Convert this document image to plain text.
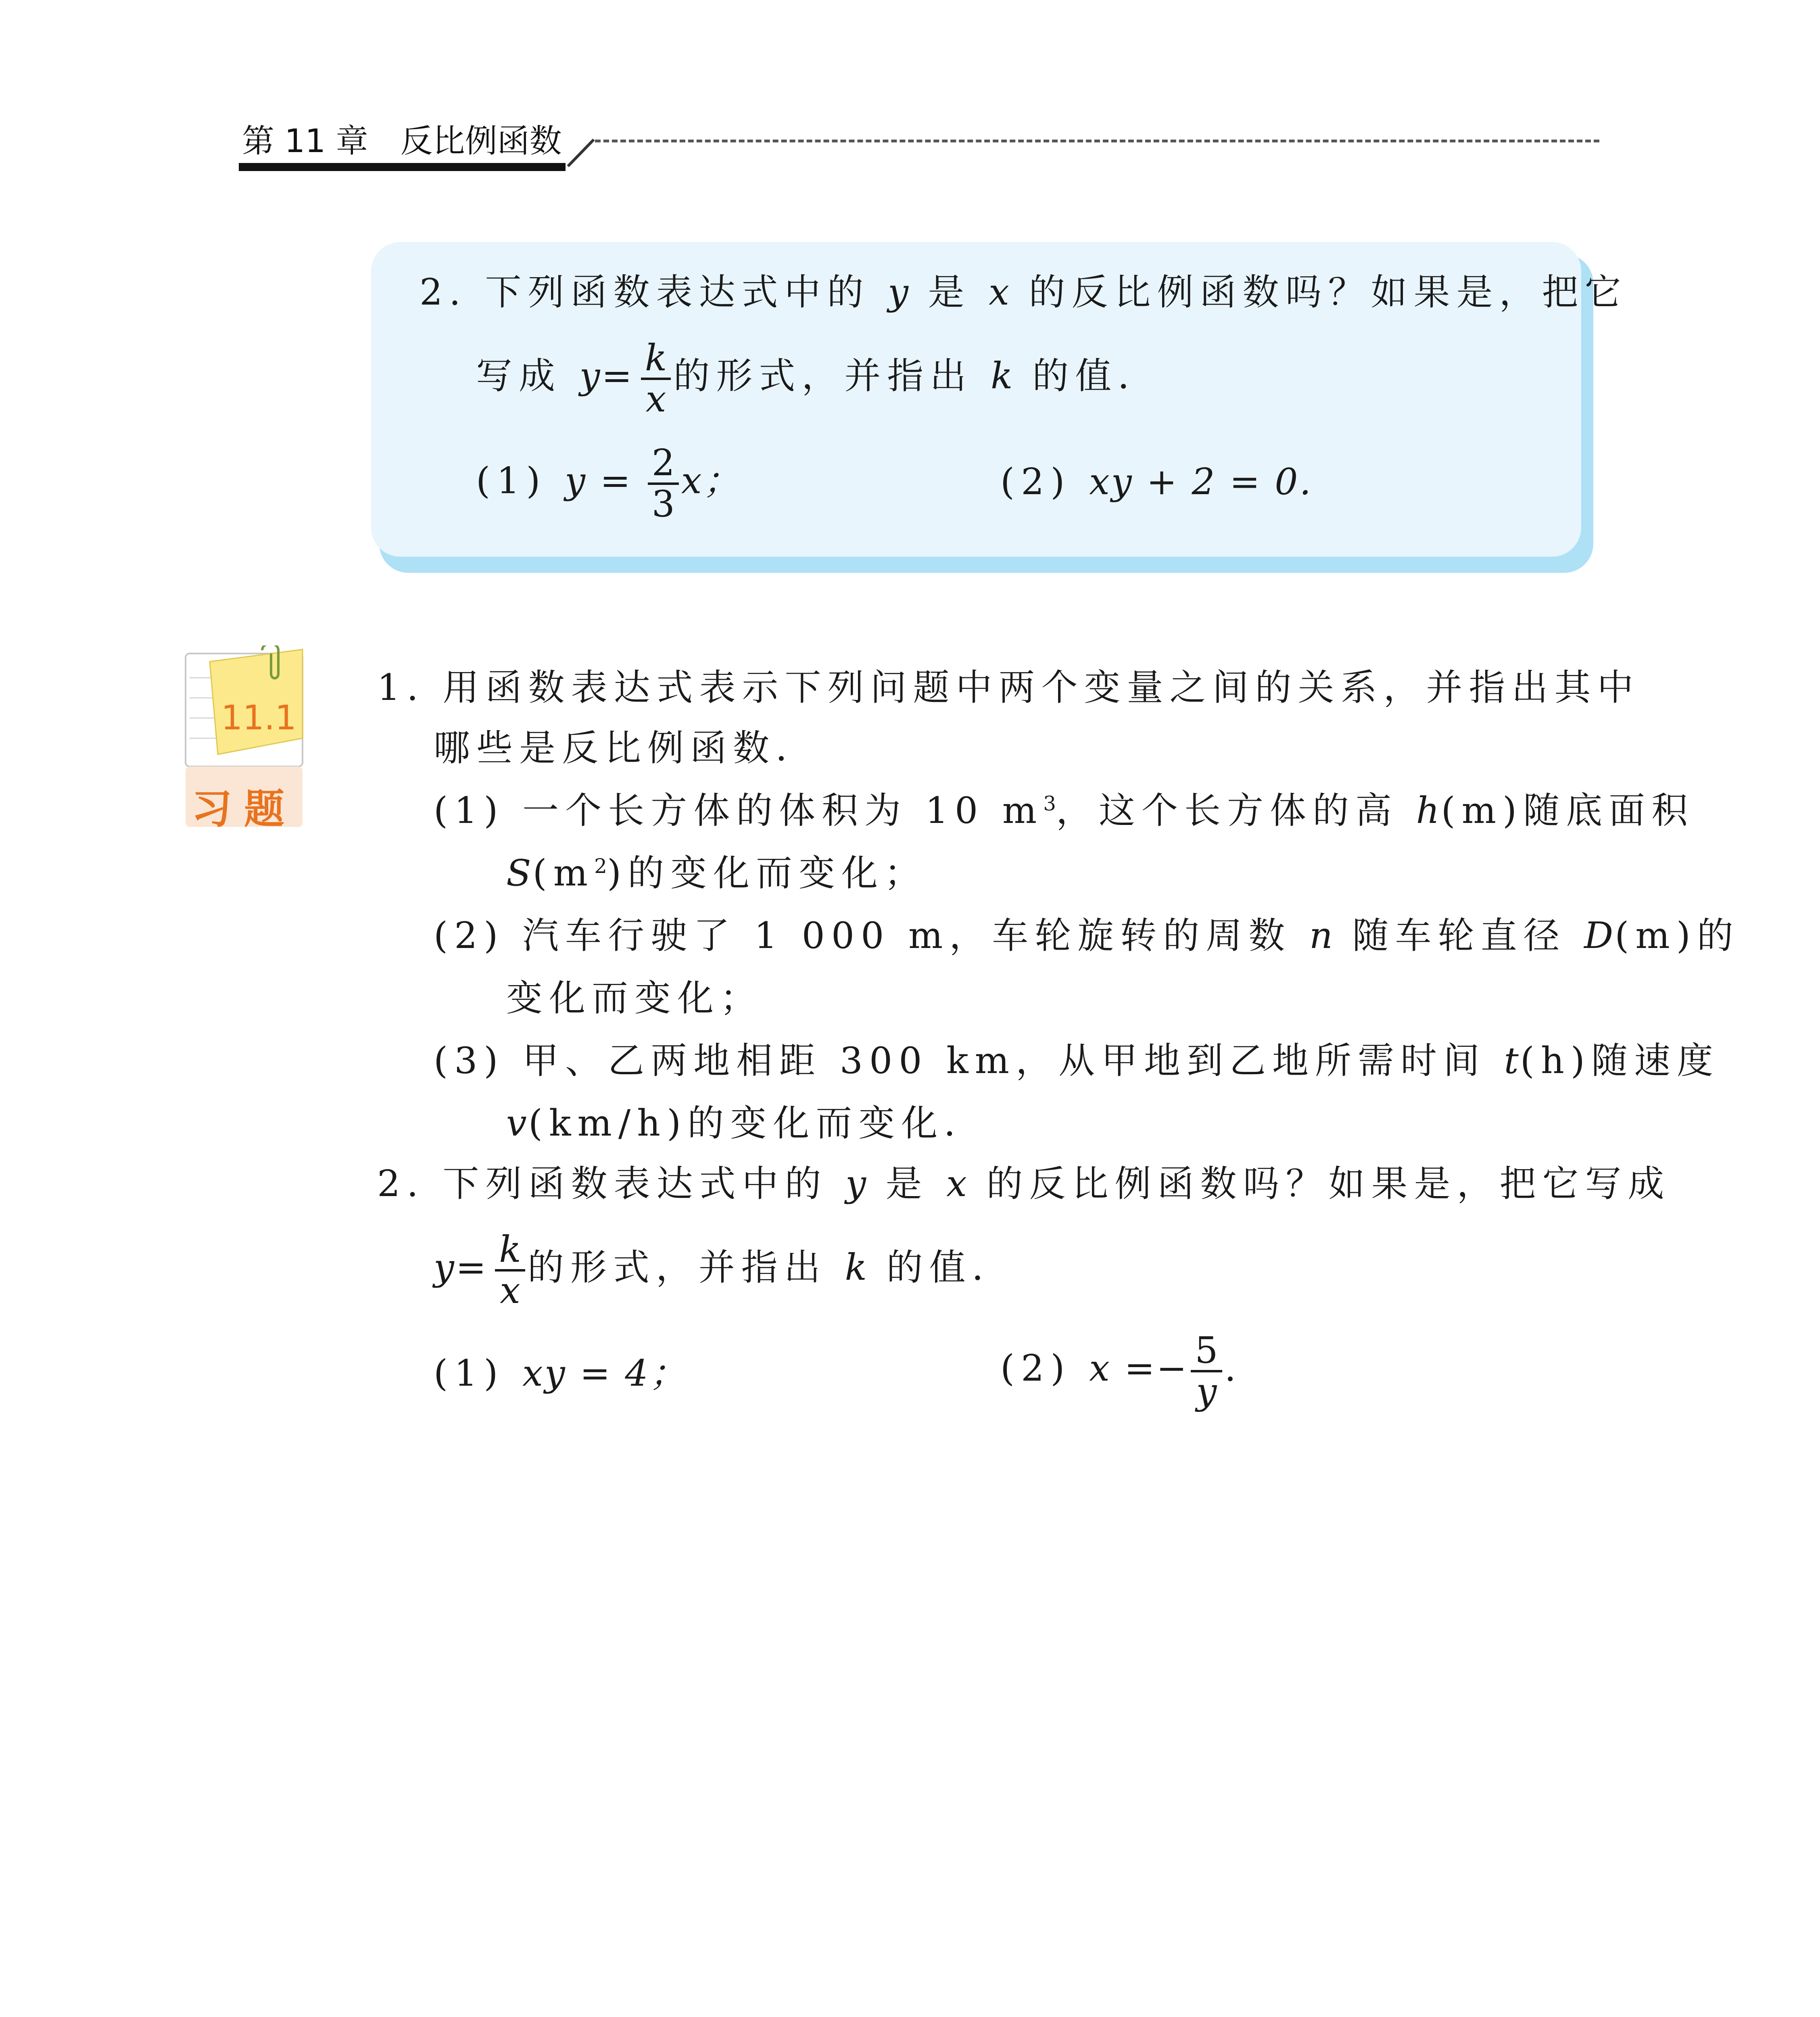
第 11 章 反比例函数
2. 下列函数表达式中的 y 是 x 的反比例函数吗？如果是，把它
写成 $y= \frac{k}{x}$ 的形式，并指出 k 的值．
(1) $y = \frac{2}{3}$ x；	(2) xy + 2 = 0.
11.1
习题
1. 用函数表达式表示下列问题中两个变量之间的关系，并指出其中
哪些是反比例函数．
(1) 一个长方体的体积为 10 $m^3$，这个长方体的高 h(m)随底面积
$S(m^2)$的变化而变化；
(2) 汽车行驶了 1 000 m，车轮旋转的周数 n 随车轮直径 D(m)的
变化而变化；
(3) 甲、乙两地相距 300 km，从甲地到乙地所需时间 t(h)随速度
v(km/h)的变化而变化．
2. 下列函数表达式中的 y 是 x 的反比例函数吗？如果是，把它写成
$y= \frac{k}{x}$ 的形式，并指出 k 的值．
(1) xy = 4；	(2) $x =- \frac{5}{y}$ .
